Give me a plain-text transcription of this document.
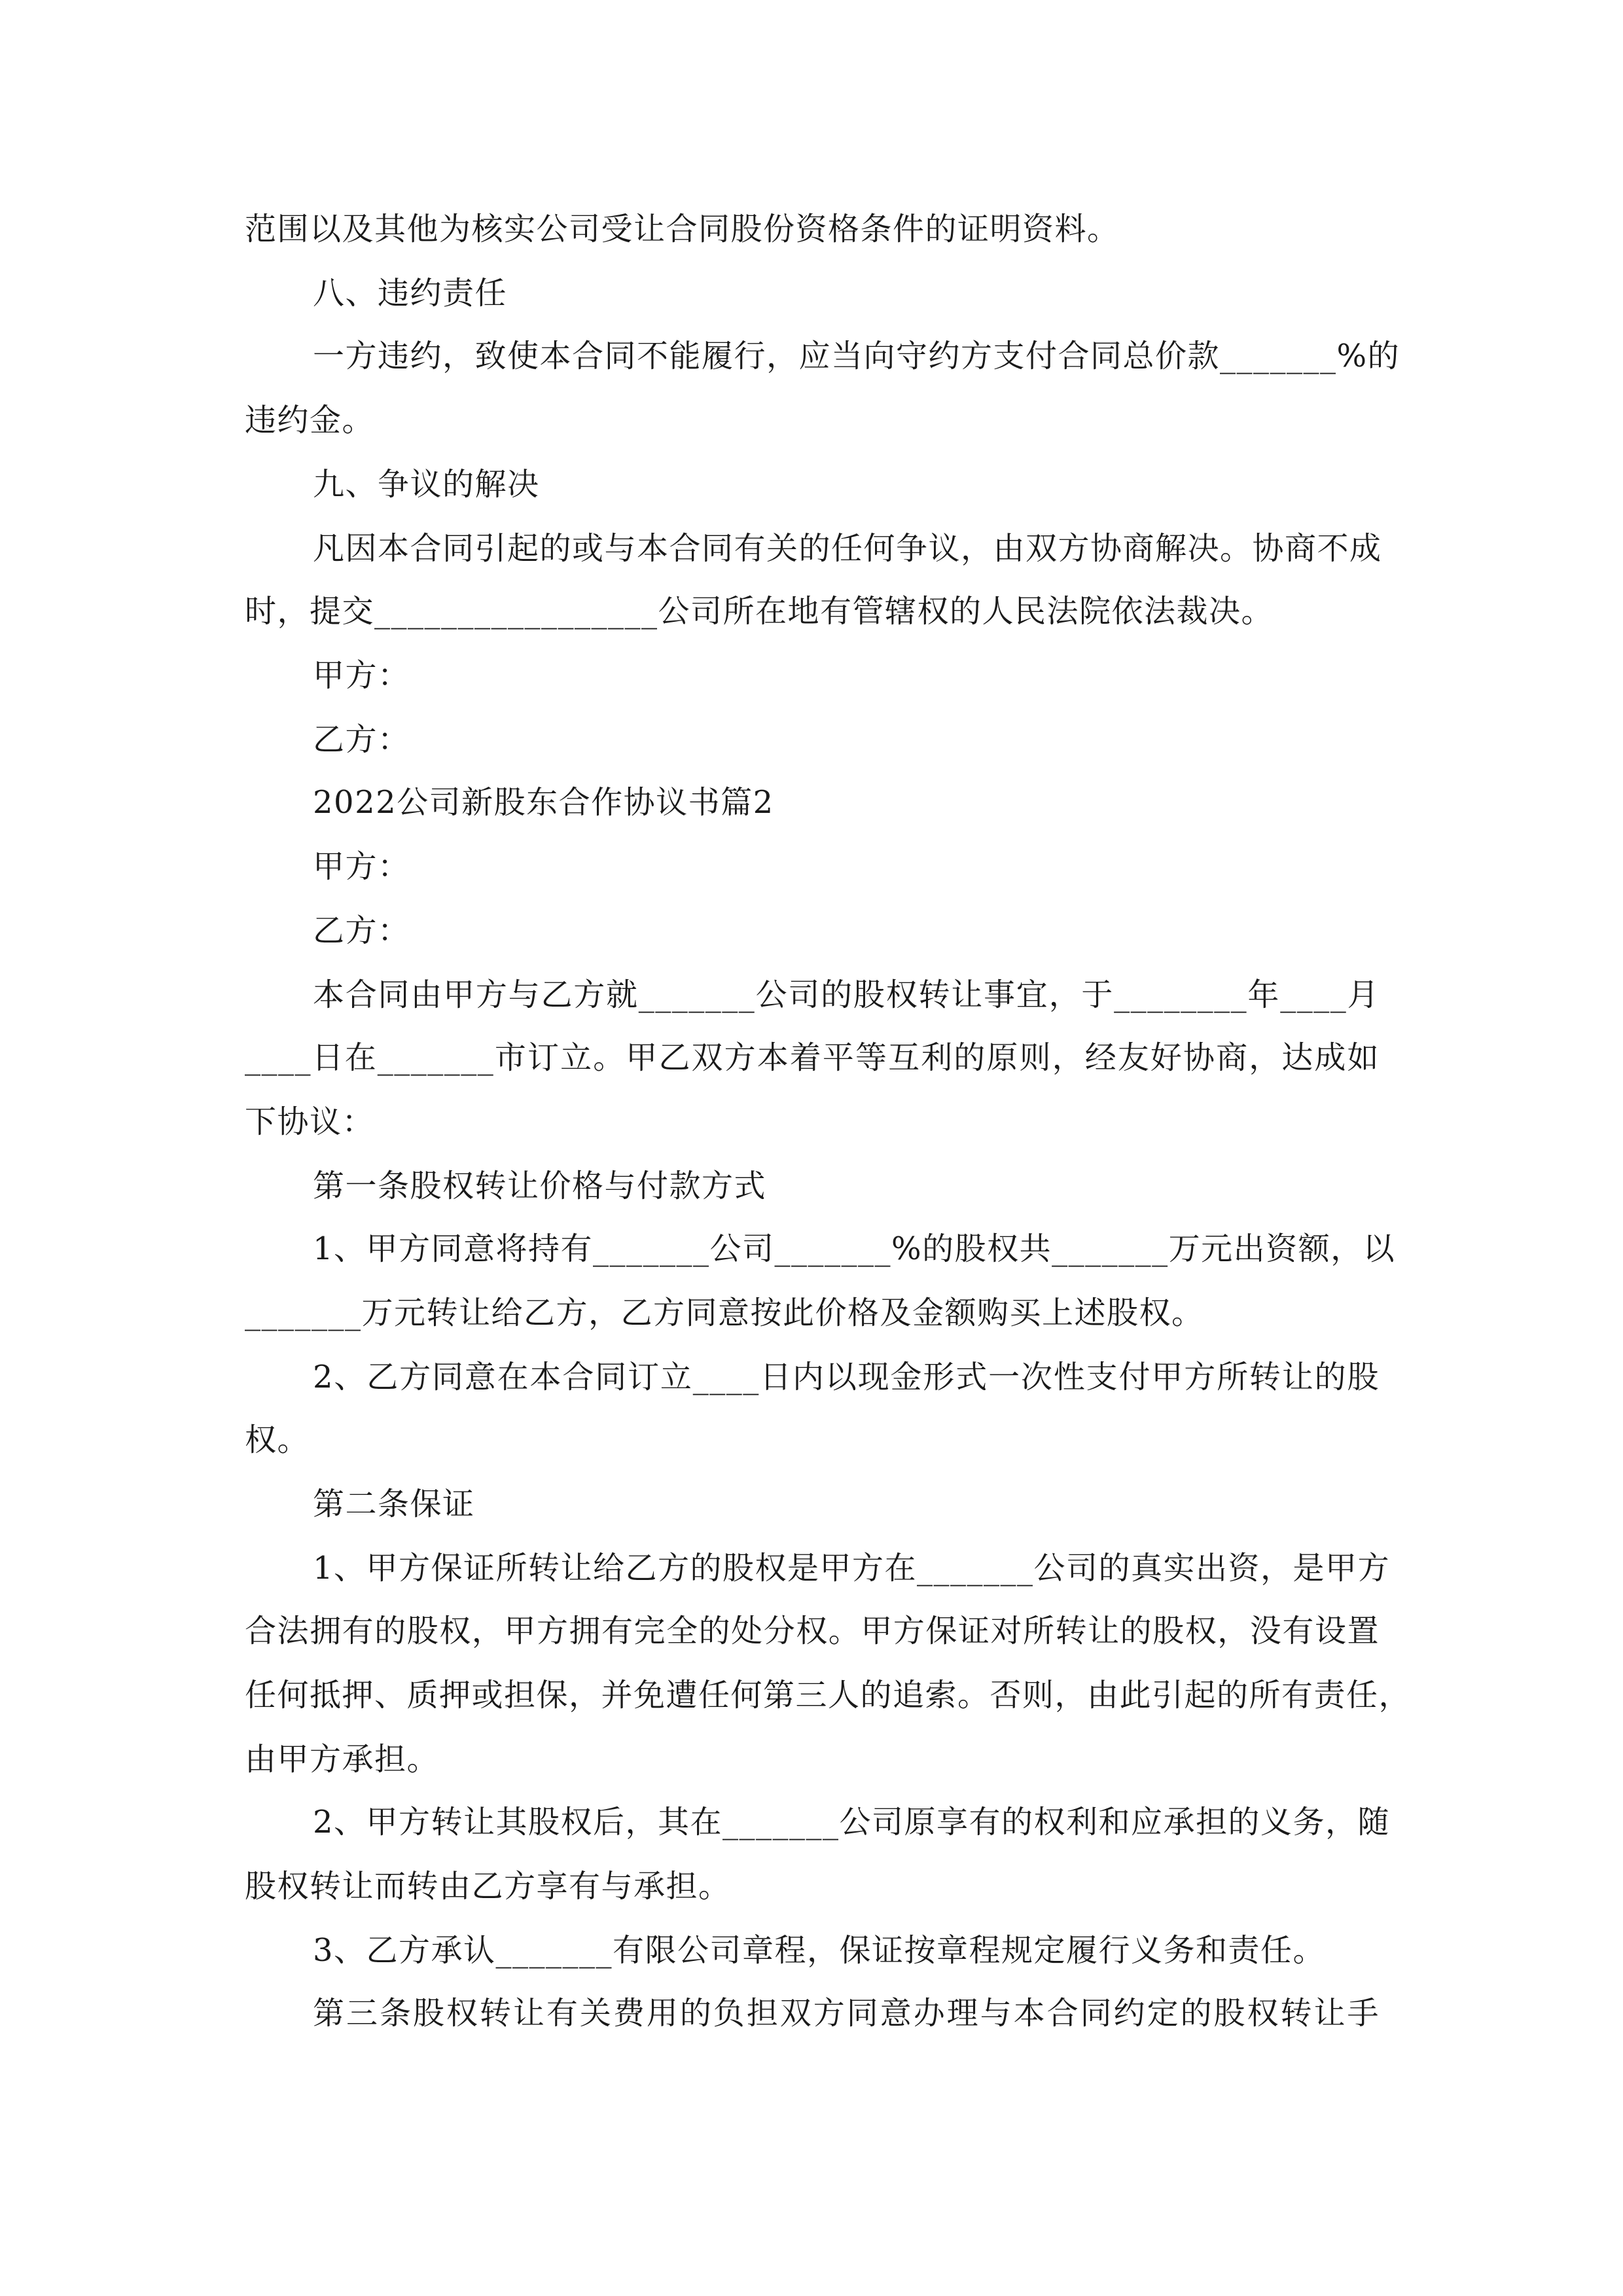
范围以及其他为核实公司受让合同股份资格条件的证明资料。
八、违约责任
一方违约，致使本合同不能履行，应当向守约方支付合同总价款_______%的
违约金。
九、争议的解决
凡因本合同引起的或与本合同有关的任何争议，由双方协商解决。协商不成
时，提交_________________公司所在地有管辖权的人民法院依法裁决。
甲方：
乙方：
2022公司新股东合作协议书篇2
甲方：
乙方：
本合同由甲方与乙方就_______公司的股权转让事宜，于________年____月
____日在_______市订立。甲乙双方本着平等互利的原则，经友好协商，达成如
下协议：
第一条股权转让价格与付款方式
1、甲方同意将持有_______公司_______%的股权共_______万元出资额，以
_______万元转让给乙方，乙方同意按此价格及金额购买上述股权。
2、乙方同意在本合同订立____日内以现金形式一次性支付甲方所转让的股
权。
第二条保证
1、甲方保证所转让给乙方的股权是甲方在_______公司的真实出资，是甲方
合法拥有的股权，甲方拥有完全的处分权。甲方保证对所转让的股权，没有设置
任何抵押、质押或担保，并免遭任何第三人的追索。否则，由此引起的所有责任，
由甲方承担。
2、甲方转让其股权后，其在_______公司原享有的权利和应承担的义务，随
股权转让而转由乙方享有与承担。
3、乙方承认_______有限公司章程，保证按章程规定履行义务和责任。
第三条股权转让有关费用的负担双方同意办理与本合同约定的股权转让手
